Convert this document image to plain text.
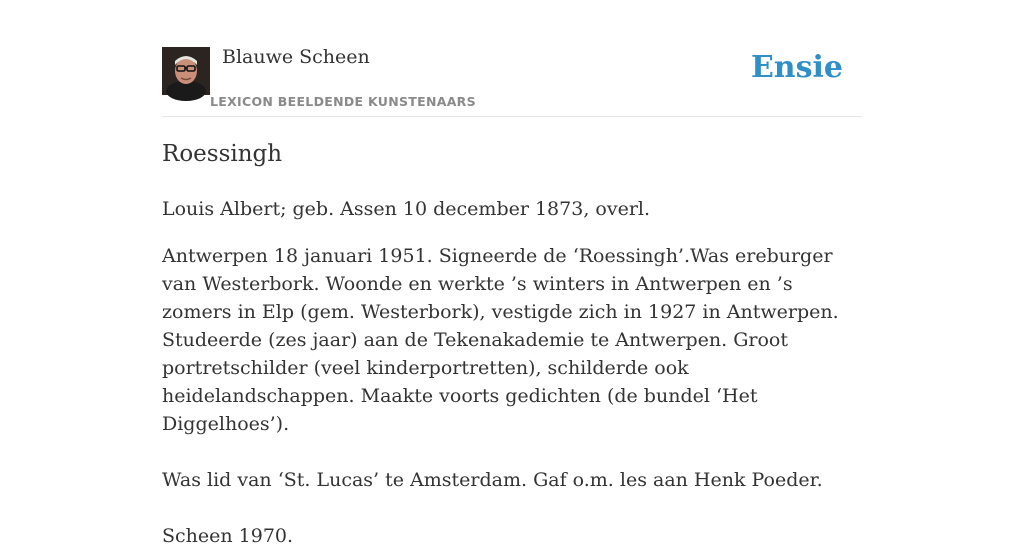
Blauwe Scheen
LEXICON BEELDENDE KUNSTENAARS
Ensie
Roessingh

Louis Albert; geb. Assen 10 december 1873, overl.

Antwerpen 18 januari 1951. Signeerde de ‘Roessingh’.Was ereburger van Westerbork. Woonde en werkte ’s winters in Antwerpen en ’s zomers in Elp (gem. Westerbork), vestigde zich in 1927 in Antwerpen. Studeerde (zes jaar) aan de Tekenakademie te Antwerpen. Groot portretschilder (veel kinderportretten), schilderde ook heidelandschappen. Maakte voorts gedichten (de bundel ‘Het Diggelhoes’).

Was lid van ‘St. Lucas’ te Amsterdam. Gaf o.m. les aan Henk Poeder.

Scheen 1970.
